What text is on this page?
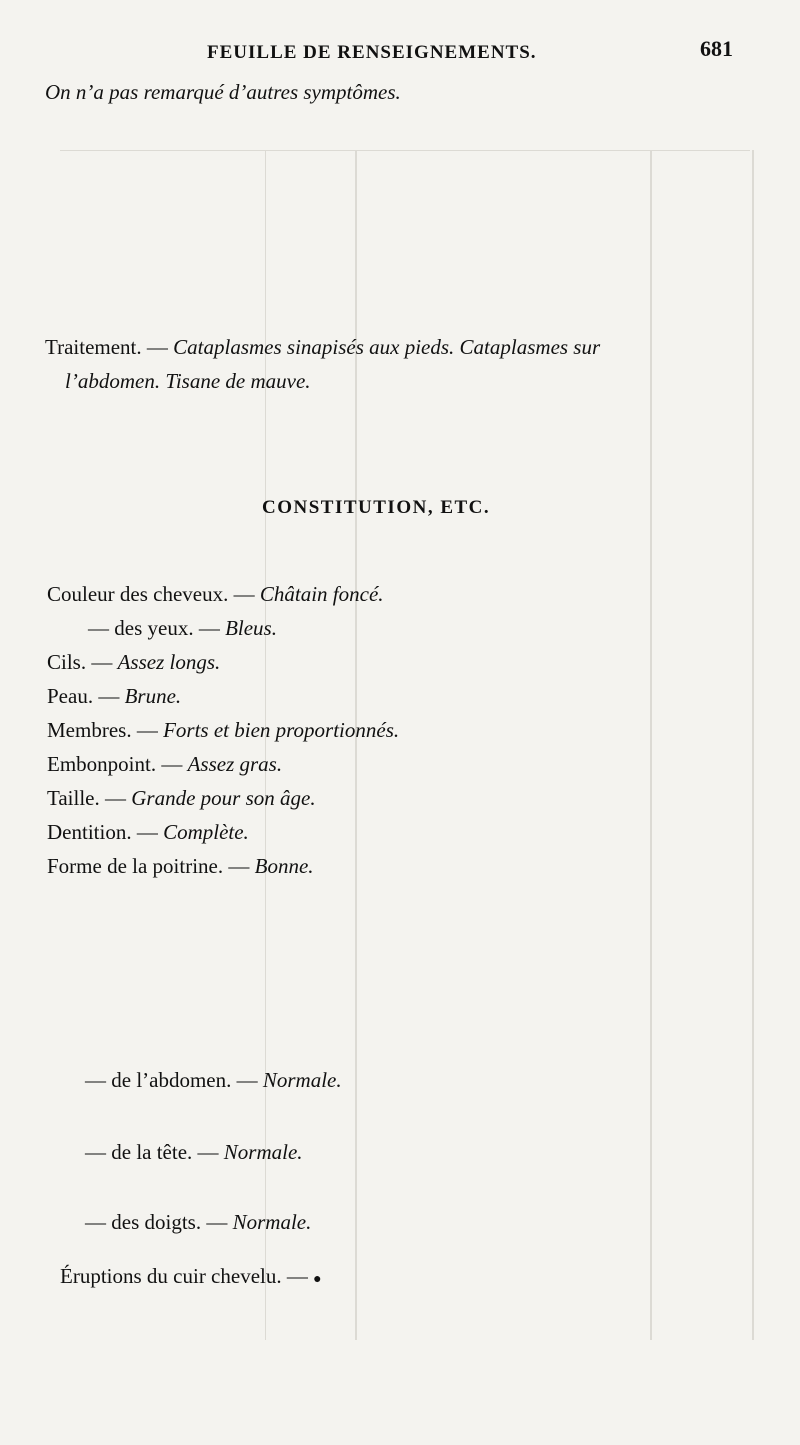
FEUILLE DE RENSEIGNEMENTS.	681
On n’a pas remarqué d’autres symptômes.
Traitement. — Cataplasmes sinapisés aux pieds. Cataplasmes sur
l’abdomen. Tisane de mauve.
CONSTITUTION, ETC.
Couleur des cheveux. — Châtain foncé.
— des yeux. — Bleus.
Cils. — Assez longs.
Peau. — Brune.
Membres. — Forts et bien proportionnés.
Embonpoint. — Assez gras.
Taille. — Grande pour son âge.
Dentition. — Complète.
Forme de la poitrine. — Bonne.
— de l’abdomen. — Normale.
— de la tête. — Normale.
— des doigts. — Normale.
Éruptions du cuir chevelu. — ●
